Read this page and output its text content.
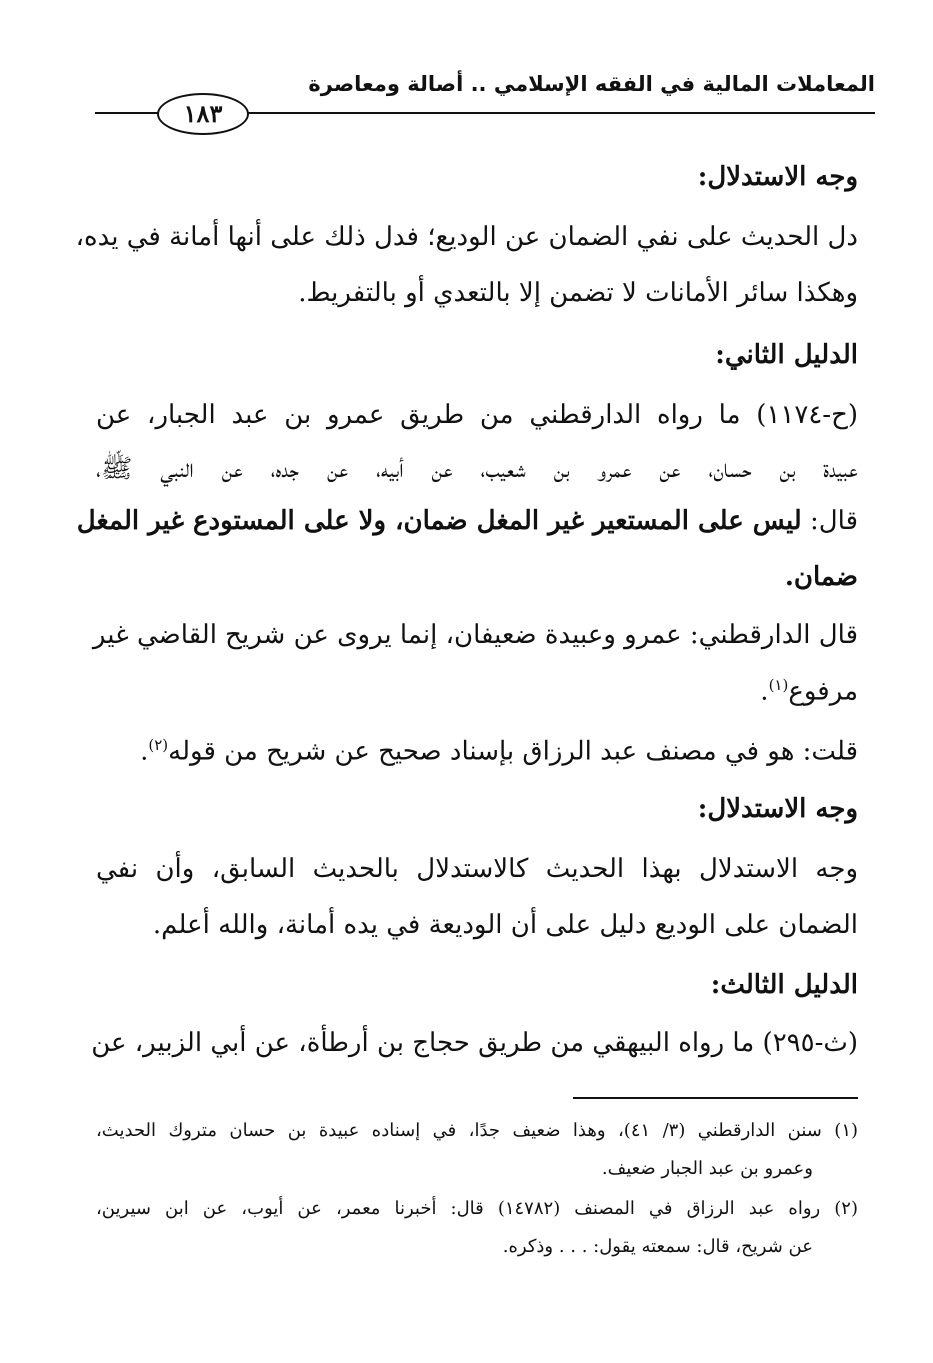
المعاملات المالية في الفقه الإسلامي .. أصالة ومعاصرة
١٨٣
وجه الاستدلال:
دل الحديث على نفي الضمان عن الوديع؛ فدل ذلك على أنها أمانة في يده،
وهكذا سائر الأمانات لا تضمن إلا بالتعدي أو بالتفريط.
الدليل الثاني:
(ح-١١٧٤) ما رواه الدارقطني من طريق عمرو بن عبد الجبار، عن
عبيدة بن حسان، عن عمرو بن شعيب، عن أبيه، عن جده، عن النبي ﷺ،
قال: ليس على المستعير غير المغل ضمان، ولا على المستودع غير المغل
ضمان.
قال الدارقطني: عمرو وعبيدة ضعيفان، إنما يروى عن شريح القاضي غير
مرفوع$^{(١)}$.
قلت: هو في مصنف عبد الرزاق بإسناد صحيح عن شريح من قوله$^{(٢)}$.
وجه الاستدلال:
وجه الاستدلال بهذا الحديث كالاستدلال بالحديث السابق، وأن نفي
الضمان على الوديع دليل على أن الوديعة في يده أمانة، والله أعلم.
الدليل الثالث:
(ث-٢٩٥) ما رواه البيهقي من طريق حجاج بن أرطأة، عن أبي الزبير، عن
(١) سنن الدارقطني (٣/ ٤١)، وهذا ضعيف جدًا، في إسناده عبيدة بن حسان متروك الحديث،
وعمرو بن عبد الجبار ضعيف.
(٢) رواه عبد الرزاق في المصنف (١٤٧٨٢) قال: أخبرنا معمر، عن أيوب، عن ابن سيرين،
عن شريح، قال: سمعته يقول: . . . وذكره.
